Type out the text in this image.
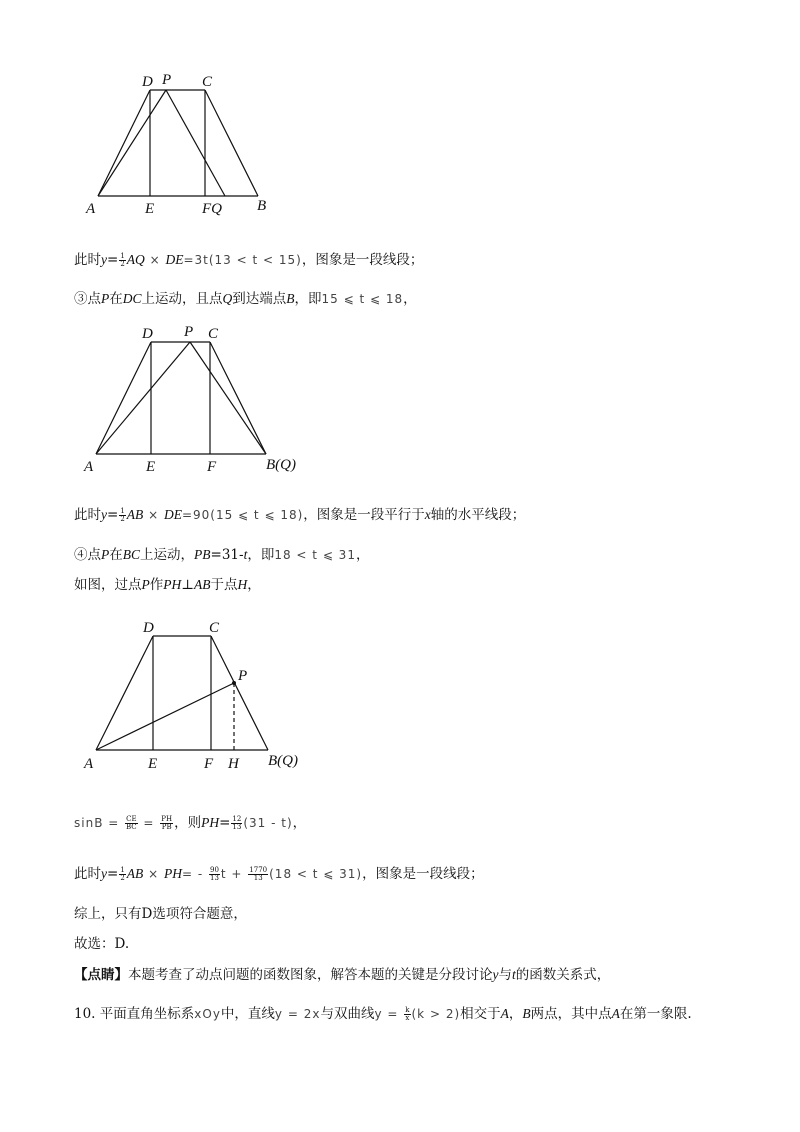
D P C
A	E	FQ B
此时$y= \frac{1}{2}$ AQ × DE=3t(13 < t < 15)，图象是一段线段；
③点P在DC上运动，且点Q到达端点B，即15 ⩽ t ⩽ 18，
D P C
A	E	F	B(Q)
此时$y= \frac{1}{2}$ AB × DE=90(15 ⩽ t ⩽ 18)，图象是一段平行于x轴的水平线段；
④点P在BC上运动，PB=31-t，即18 < t ⩽ 31，
如图，过点P作PH⊥AB于点H，
D	C
P
A	E	F H B(Q)
$\sin B = \frac{CE}{BC} = \frac{PH}{PB}$ ，则$PH= \frac{12}{13} (31 - t)$，
此时$y= \frac{1}{2}$ AB × $PH= - \frac{90}{13}$ $t + \frac{1770}{13} (18 < t$ ⩽ 31)，图象是一段线段；
综上，只有D选项符合题意，
故选：D.
【点睛】本题考查了动点问题的函数图象，解答本题的关键是分段讨论y与t的函数关系式，
10. 平面直角坐标系xOy中，直线y = 2x与双曲线$y = \frac{k}{x} (k > 2)$相交于A，B两点，其中点A在第一象限.
